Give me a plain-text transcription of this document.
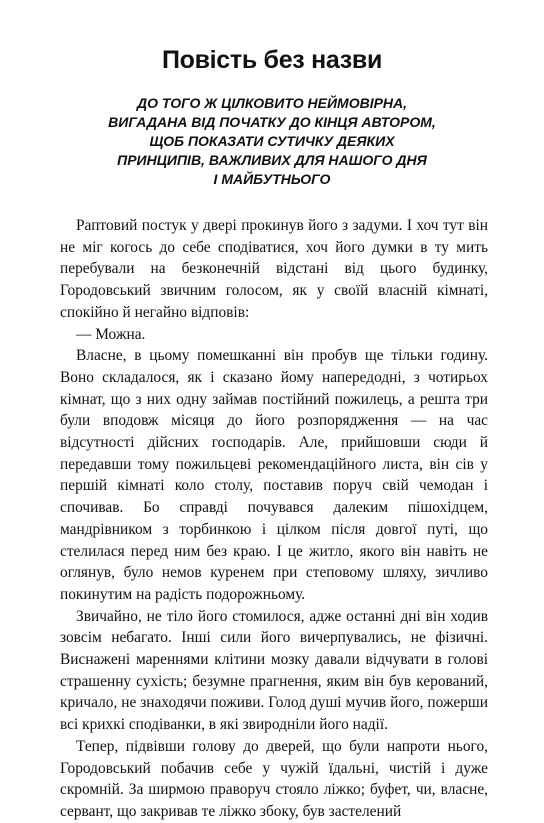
Повість без назви
ДО ТОГО Ж ЦІЛКОВИТО НЕЙМОВІРНА,
ВИГАДАНА ВІД ПОЧАТКУ ДО КІНЦЯ АВТОРОМ,
ЩОБ ПОКАЗАТИ СУТИЧКУ ДЕЯКИХ
ПРИНЦИПІВ, ВАЖЛИВИХ ДЛЯ НАШОГО ДНЯ
І МАЙБУТНЬОГО

Раптовий постук у двері прокинув його з задуми. І хоч тут він
не міг когось до себе сподіватися, хоч його думки в ту мить
перебували на безконечній відстані від цього будинку,
Городовський звичним голосом, як у своїй власній кімнаті,
спокійно й негайно відповів:

— Можна.

Власне, в цьому помешканні він пробув ще тільки годину.
Воно складалося, як і сказано йому напередодні, з чотирьох
кімнат, що з них одну займав постійний пожилець, а решта три
були вподовж місяця до його розпорядження — на час
відсутності дійсних господарів. Але, прийшовши сюди й
передавши тому пожильцеві рекомендаційного листа, він сів у
першій кімнаті коло столу, поставив поруч свій чемодан і
спочивав. Бо справді почувався далеким пішохідцем,
мандрівником з торбинкою і цілком після довгої путі, що
стелилася перед ним без краю. І це житло, якого він навіть не
оглянув, було немов куренем при степовому шляху, зичливо
покинутим на радість подорожньому.

Звичайно, не тіло його стомилося, адже останні дні він ходив
зовсім небагато. Інші сили його вичерпувались, не фізичні.
Виснажені мареннями клітини мозку давали відчувати в голові
страшенну сухість; безумне прагнення, яким він був керований,
кричало, не знаходячи поживи. Голод душі мучив його, пожерши
всі крихкі сподіванки, в які звиродніли його надії.

Тепер, підвівши голову до дверей, що були напроти нього,
Городовський побачив себе у чужій їдальні, чистій і дуже
скромній. За ширмою праворуч стояло ліжко; буфет, чи, власне,
сервант, що закривав те ліжко збоку, був застелений
